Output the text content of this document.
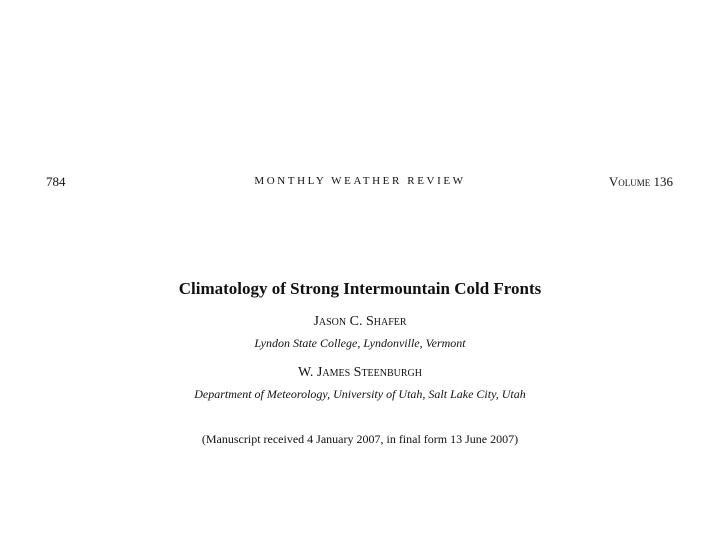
784	MONTHLY WEATHER REVIEW	Volume 136
Climatology of Strong Intermountain Cold Fronts

Jason C. Shafer

Lyndon State College, Lyndonville, Vermont

W. James Steenburgh

Department of Meteorology, University of Utah, Salt Lake City, Utah

(Manuscript received 4 January 2007, in final form 13 June 2007)
